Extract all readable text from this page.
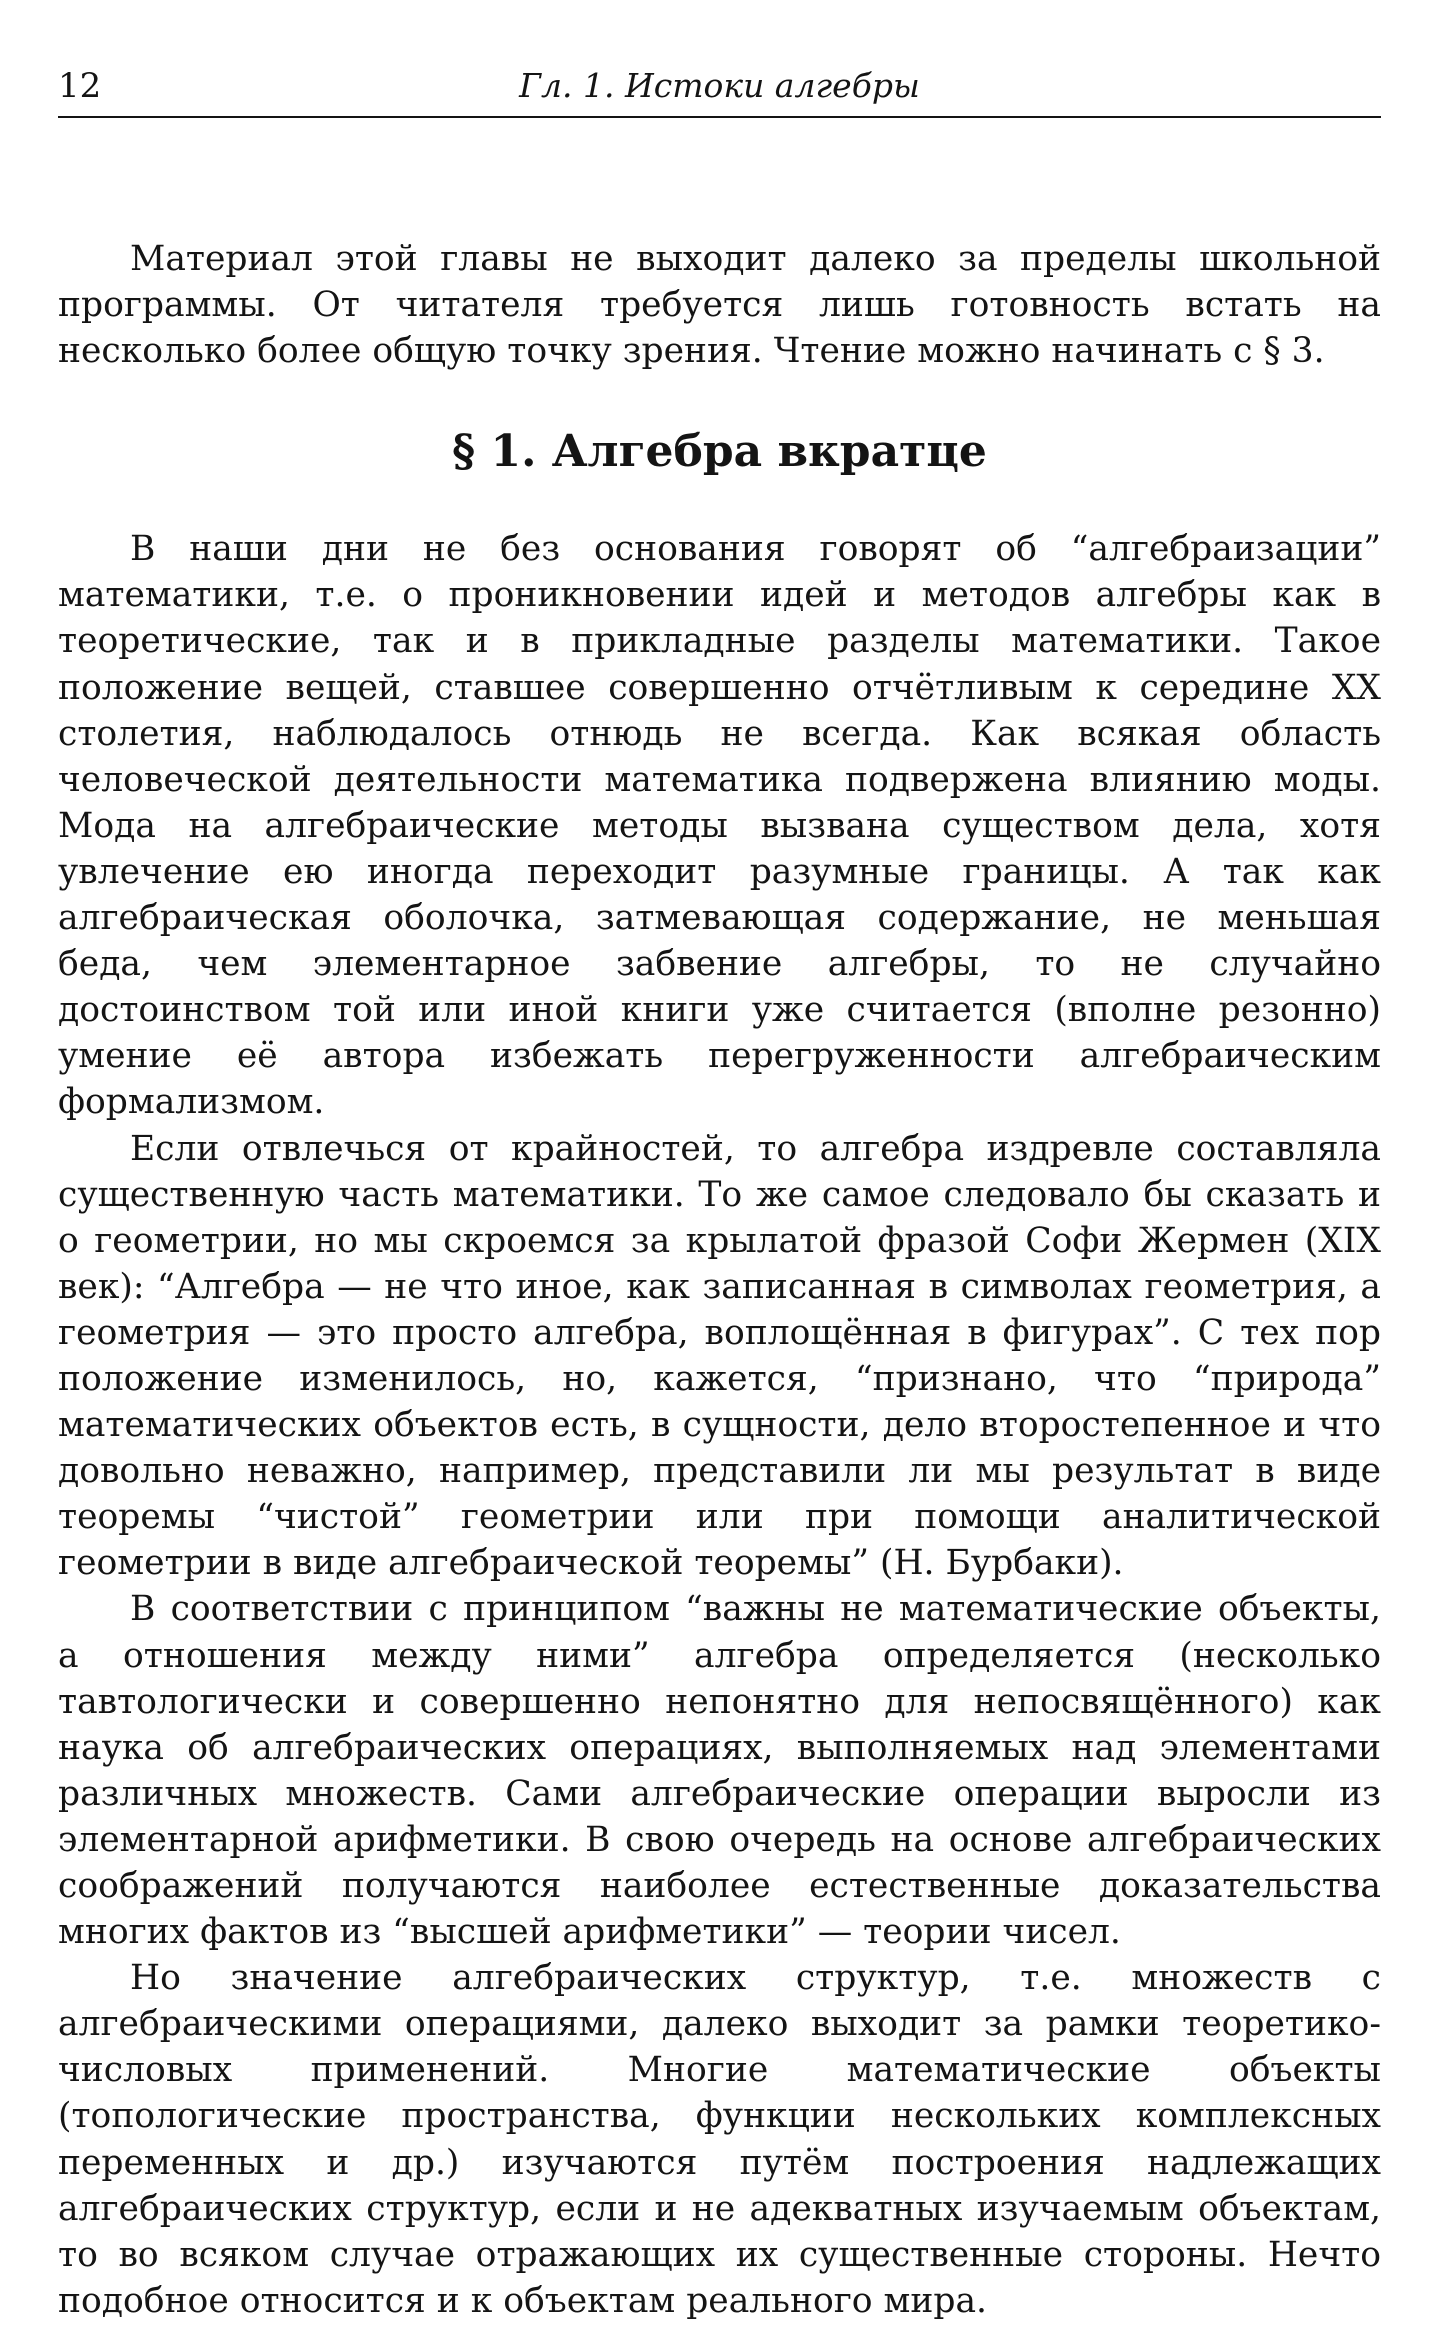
12	Гл. 1. Истоки алгебры

Материал этой главы не выходит далеко за пределы школьной программы. От читателя требуется лишь готовность встать на несколько более общую точку зрения. Чтение можно начинать с § 3.

§ 1. Алгебра вкратце

В наши дни не без основания говорят об “алгебраизации” математики, т.е. о проникновении идей и методов алгебры как в теоретические, так и в прикладные разделы математики. Такое положение вещей, ставшее совершенно отчётливым к середине XX столетия, наблюдалось отнюдь не всегда. Как всякая область человеческой деятельности математика подвержена влиянию моды. Мода на алгебраические методы вызвана существом дела, хотя увлечение ею иногда переходит разумные границы. А так как алгебраическая оболочка, затмевающая содержание, не меньшая беда, чем элементарное забвение алгебры, то не случайно достоинством той или иной книги уже считается (вполне резонно) умение её автора избежать перегруженности алгебраическим формализмом.

Если отвлечься от крайностей, то алгебра издревле составляла существенную часть математики. То же самое следовало бы сказать и о геометрии, но мы скроемся за крылатой фразой Софи Жермен (XIX век): “Алгебра — не что иное, как записанная в символах геометрия, а геометрия — это просто алгебра, воплощённая в фигурах”. С тех пор положение изменилось, но, кажется, “признано, что “природа” математических объектов есть, в сущности, дело второстепенное и что довольно неважно, например, представили ли мы результат в виде теоремы “чистой” геометрии или при помощи аналитической геометрии в виде алгебраической теоремы” (Н. Бурбаки).

В соответствии с принципом “важны не математические объекты, а отношения между ними” алгебра определяется (несколько тавтологически и совершенно непонятно для непосвящённого) как наука об алгебраических операциях, выполняемых над элементами различных множеств. Сами алгебраические операции выросли из элементарной арифметики. В свою очередь на основе алгебраических соображений получаются наиболее естественные доказательства многих фактов из “высшей арифметики” — теории чисел.

Но значение алгебраических структур, т.е. множеств с алгебраическими операциями, далеко выходит за рамки теоретико-числовых применений. Многие математические объекты (топологические пространства, функции нескольких комплексных переменных и др.) изучаются путём построения надлежащих алгебраических структур, если и не адекватных изучаемым объектам, то во всяком случае отражающих их существенные стороны. Нечто подобное относится и к объектам реального мира.
